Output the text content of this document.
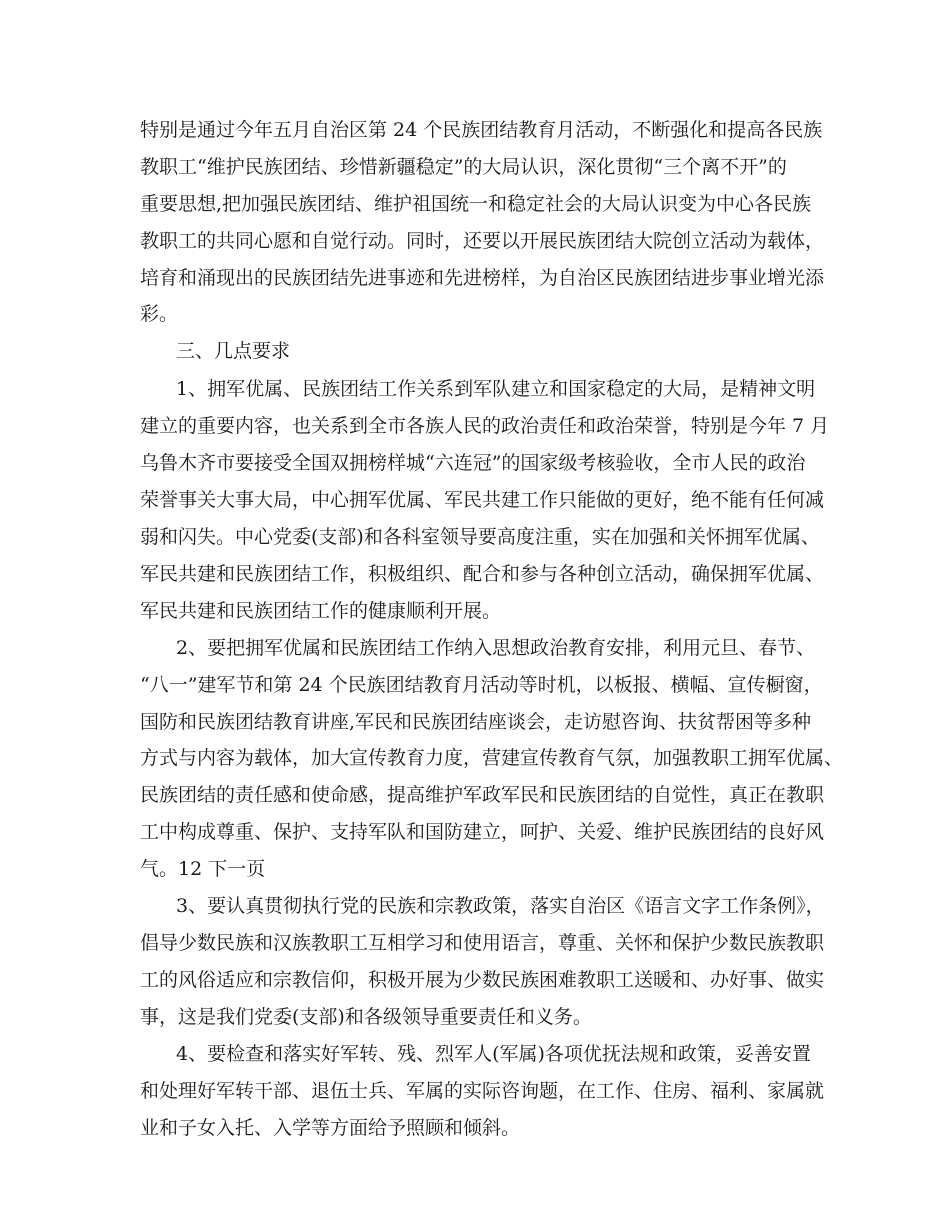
特别是通过今年五月自治区第 24 个民族团结教育月活动，不断强化和提高各民族
教职工“维护民族团结、珍惜新疆稳定”的大局认识，深化贯彻“三个离不开”的
重要思想,把加强民族团结、维护祖国统一和稳定社会的大局认识变为中心各民族
教职工的共同心愿和自觉行动。同时，还要以开展民族团结大院创立活动为载体，
培育和涌现出的民族团结先进事迹和先进榜样，为自治区民族团结进步事业增光添
彩。
三、几点要求
1、拥军优属、民族团结工作关系到军队建立和国家稳定的大局，是精神文明
建立的重要内容，也关系到全市各族人民的政治责任和政治荣誉，特别是今年 7 月
乌鲁木齐市要接受全国双拥榜样城“六连冠”的国家级考核验收，全市人民的政治
荣誉事关大事大局，中心拥军优属、军民共建工作只能做的更好，绝不能有任何减
弱和闪失。中心党委(支部)和各科室领导要高度注重，实在加强和关怀拥军优属、
军民共建和民族团结工作，积极组织、配合和参与各种创立活动，确保拥军优属、
军民共建和民族团结工作的健康顺利开展。
2、要把拥军优属和民族团结工作纳入思想政治教育安排，利用元旦、春节、
“八一”建军节和第 24 个民族团结教育月活动等时机，以板报、横幅、宣传橱窗，
国防和民族团结教育讲座,军民和民族团结座谈会，走访慰咨询、扶贫帮困等多种
方式与内容为载体，加大宣传教育力度，营建宣传教育气氛，加强教职工拥军优属、
民族团结的责任感和使命感，提高维护军政军民和民族团结的自觉性，真正在教职
工中构成尊重、保护、支持军队和国防建立，呵护、关爱、维护民族团结的良好风
气。12 下一页
3、要认真贯彻执行党的民族和宗教政策，落实自治区《语言文字工作条例》，
倡导少数民族和汉族教职工互相学习和使用语言，尊重、关怀和保护少数民族教职
工的风俗适应和宗教信仰，积极开展为少数民族困难教职工送暖和、办好事、做实
事，这是我们党委(支部)和各级领导重要责任和义务。
4、要检查和落实好军转、残、烈军人(军属)各项优抚法规和政策，妥善安置
和处理好军转干部、退伍士兵、军属的实际咨询题，在工作、住房、福利、家属就
业和子女入托、入学等方面给予照顾和倾斜。
